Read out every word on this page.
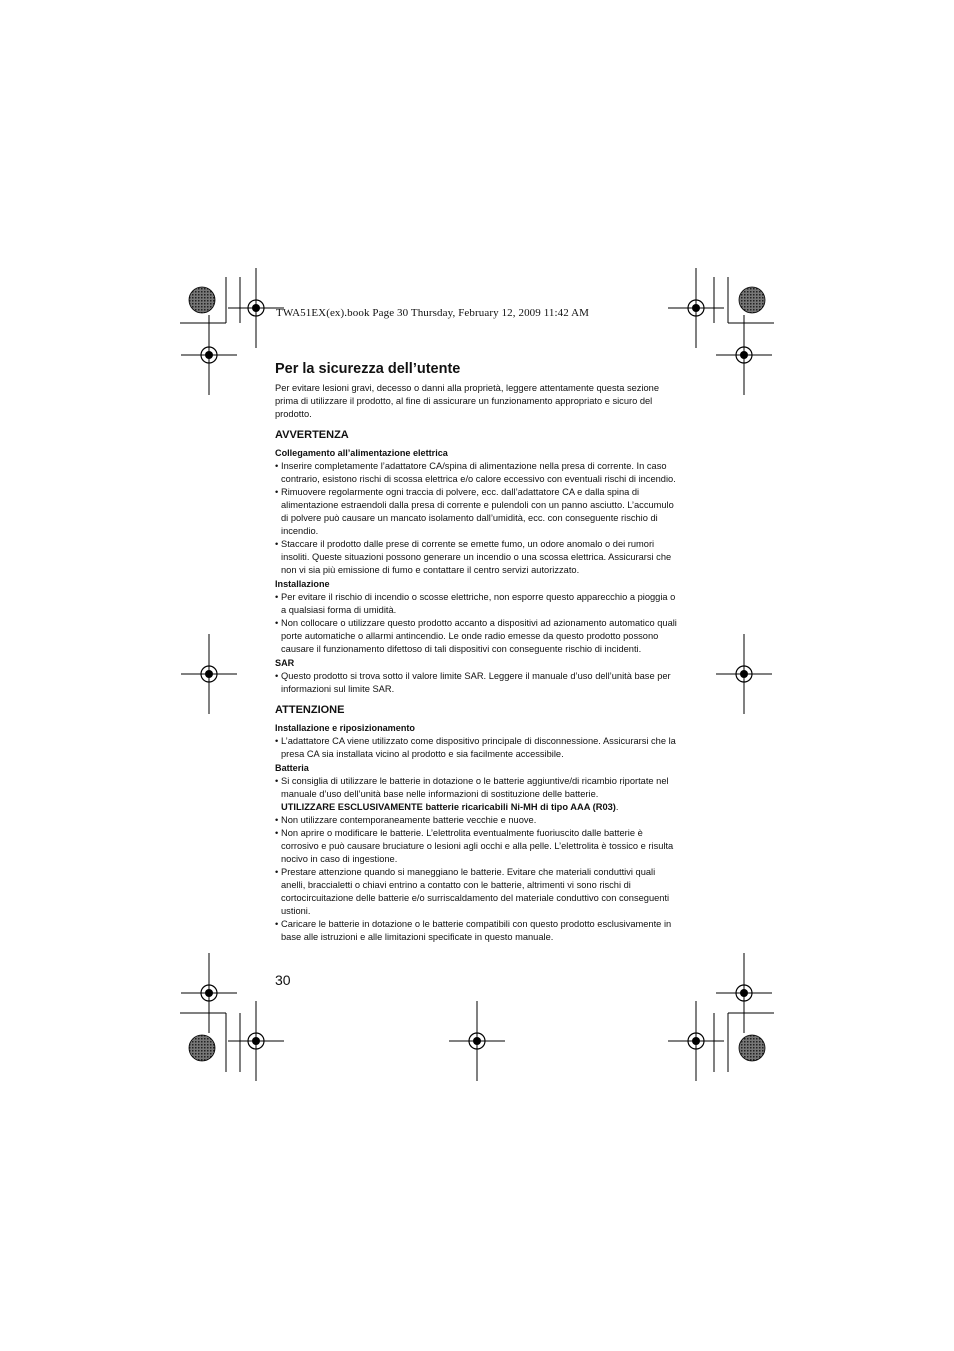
TWA51EX(ex).book Page 30 Thursday, February 12, 2009 11:42 AM
Per la sicurezza dell’utente

Per evitare lesioni gravi, decesso o danni alla proprietà, leggere attentamente questa sezione prima di utilizzare il prodotto, al fine di assicurare un funzionamento appropriato e sicuro del prodotto.

AVVERTENZA
Collegamento all’alimentazione elettrica
• Inserire completamente l’adattatore CA/spina di alimentazione nella presa di corrente. In caso contrario, esistono rischi di scossa elettrica e/o calore eccessivo con eventuali rischi di incendio.
• Rimuovere regolarmente ogni traccia di polvere, ecc. dall’adattatore CA e dalla spina di alimentazione estraendoli dalla presa di corrente e pulendoli con un panno asciutto. L’accumulo di polvere può causare un mancato isolamento dall’umidità, ecc. con conseguente rischio di incendio.
• Staccare il prodotto dalle prese di corrente se emette fumo, un odore anomalo o dei rumori insoliti. Queste situazioni possono generare un incendio o una scossa elettrica. Assicurarsi che non vi sia più emissione di fumo e contattare il centro servizi autorizzato.
Installazione
• Per evitare il rischio di incendio o scosse elettriche, non esporre questo apparecchio a pioggia o a qualsiasi forma di umidità.
• Non collocare o utilizzare questo prodotto accanto a dispositivi ad azionamento automatico quali porte automatiche o allarmi antincendio. Le onde radio emesse da questo prodotto possono causare il funzionamento difettoso di tali dispositivi con conseguente rischio di incidenti.
SAR
• Questo prodotto si trova sotto il valore limite SAR. Leggere il manuale d’uso dell’unità base per informazioni sul limite SAR.
ATTENZIONE
Installazione e riposizionamento
• L’adattatore CA viene utilizzato come dispositivo principale di disconnessione. Assicurarsi che la presa CA sia installata vicino al prodotto e sia facilmente accessibile.
Batteria
• Si consiglia di utilizzare le batterie in dotazione o le batterie aggiuntive/di ricambio riportate nel manuale d’uso dell’unità base nelle informazioni di sostituzione delle batterie.
UTILIZZARE ESCLUSIVAMENTE batterie ricaricabili Ni-MH di tipo AAA (R03).
• Non utilizzare contemporaneamente batterie vecchie e nuove.
• Non aprire o modificare le batterie. L’elettrolita eventualmente fuoriuscito dalle batterie è corrosivo e può causare bruciature o lesioni agli occhi e alla pelle. L’elettrolita è tossico e risulta nocivo in caso di ingestione.
• Prestare attenzione quando si maneggiano le batterie. Evitare che materiali conduttivi quali anelli, braccialetti o chiavi entrino a contatto con le batterie, altrimenti vi sono rischi di cortocircuitazione delle batterie e/o surriscaldamento del materiale conduttivo con conseguenti ustioni.
• Caricare le batterie in dotazione o le batterie compatibili con questo prodotto esclusivamente in base alle istruzioni e alle limitazioni specificate in questo manuale.
30
